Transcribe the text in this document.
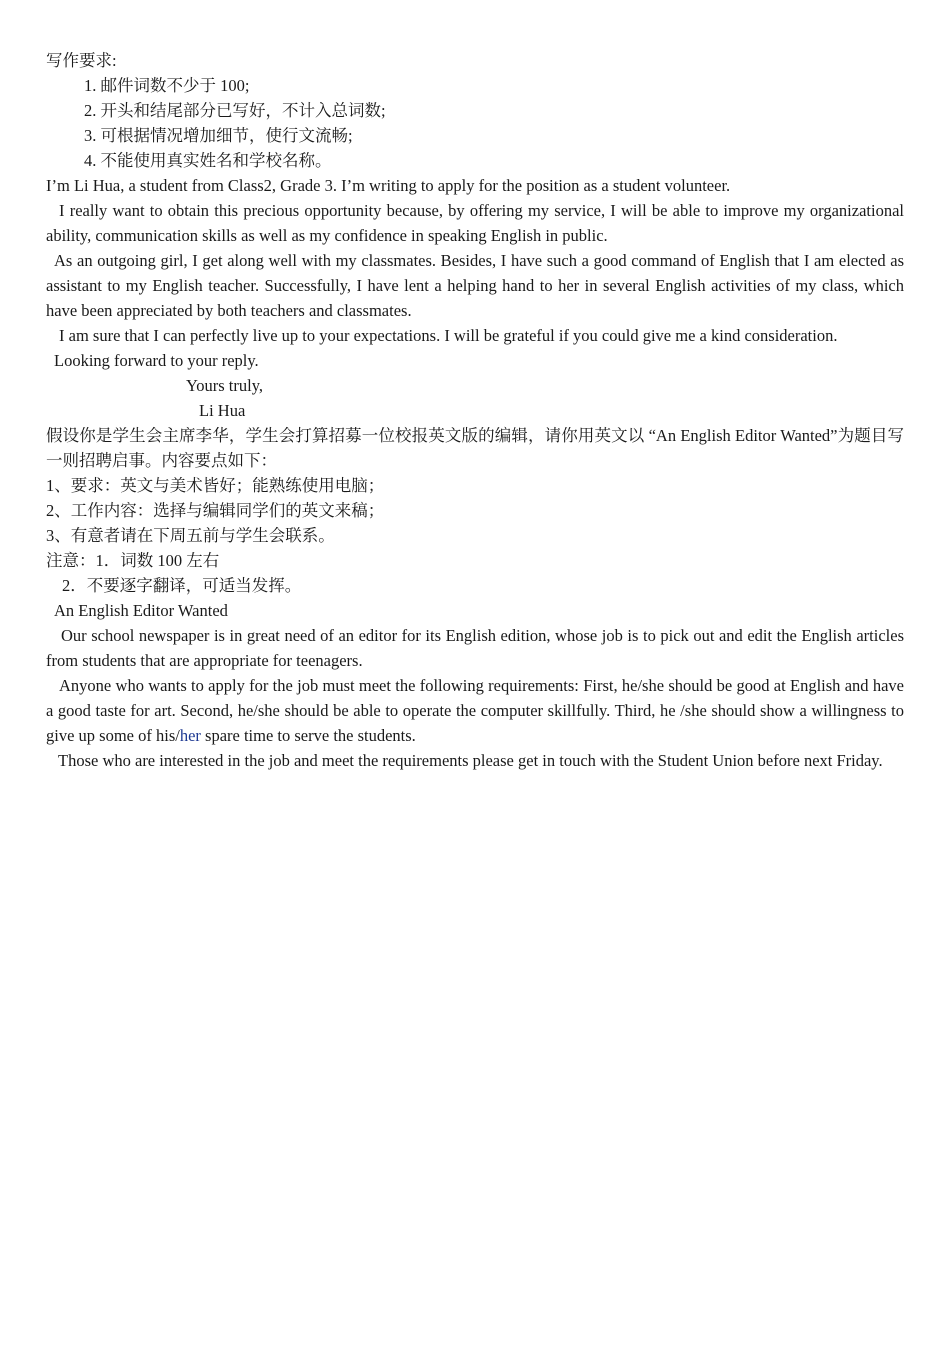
写作要求:

1. 邮件词数不少于 100;

2. 开头和结尾部分已写好，不计入总词数;

3. 可根据情况增加细节，使行文流畅;

4. 不能使用真实姓名和学校名称。

I’m Li Hua, a student from Class2, Grade 3. I’m writing to apply for the position as a student volunteer.

I really want to obtain this precious opportunity because, by offering my service, I will be able to improve my organizational ability, communication skills as well as my confidence in speaking English in public.

As an outgoing girl, I get along well with my classmates. Besides, I have such a good command of English that I am elected as assistant to my English teacher. Successfully, I have lent a helping hand to her in several English activities of my class, which have been appreciated by both teachers and classmates.

I am sure that I can perfectly live up to your expectations. I will be grateful if you could give me a kind consideration.

Looking forward to your reply.

Yours truly,

Li Hua

假设你是学生会主席李华，学生会打算招募一位校报英文版的编辑，请你用英文以 “An English Editor Wanted”为题目写一则招聘启事。内容要点如下：

1、要求：英文与美术皆好；能熟练使用电脑；

2、工作内容：选择与编辑同学们的英文来稿；

3、有意者请在下周五前与学生会联系。

注意：1．词数 100 左右

2．不要逐字翻译，可适当发挥。

An English Editor Wanted

Our school newspaper is in great need of an editor for its English edition, whose job is to pick out and edit the English articles from students that are appropriate for teenagers.

Anyone who wants to apply for the job must meet the following requirements: First, he/she should be good at English and have a good taste for art. Second, he/she should be able to operate the computer skillfully. Third, he /she should show a willingness to give up some of his/her spare time to serve the students.

Those who are interested in the job and meet the requirements please get in touch with the Student Union before next Friday.
